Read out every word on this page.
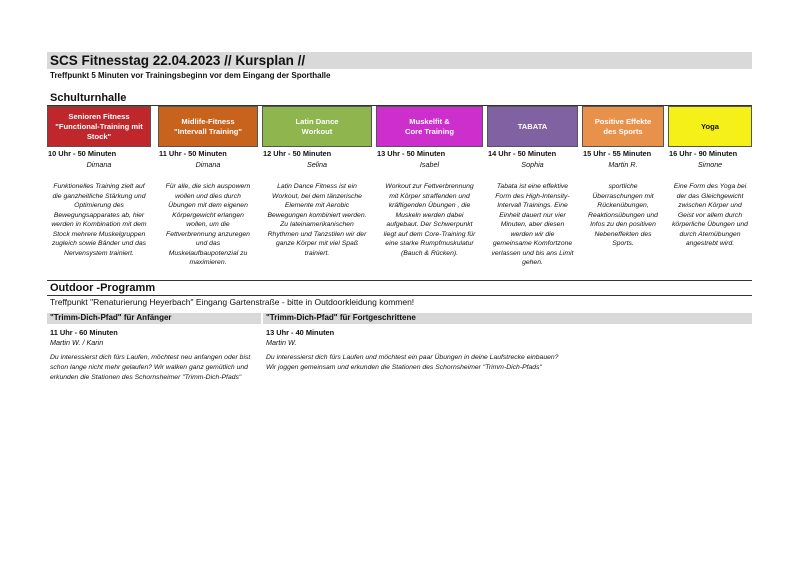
SCS Fitnesstag 22.04.2023 // Kursplan //
Treffpunkt 5 Minuten vor Trainingsbeginn vor dem Eingang der Sporthalle
Schulturnhalle
Senioren Fitness
"Functional-Training mit Stock"
10 Uhr - 50 Minuten
Dimana
Funktionelles Training zielt auf die ganzheitliche Stärkung und Optimierung des Bewegungsapparates ab, hier werden in Kombination mit dem Stock mehrere Muskelgruppen zugleich sowie Bänder und das Nervensystem trainiert.
Midlife-Fitness
"Intervall Training"
11 Uhr - 50 Minuten
Dimana
Für alle, die sich auspowern wollen und dies durch Übungen mit dem eigenen Körpergewicht erlangen wollen, um die Fettverbrennung anzuregen und das Muskelaufbaupotenzial zu maximieren.
Latin Dance
Workout
12 Uhr - 50 Minuten
Selina
Latin Dance Fitness ist ein Workout, bei dem tänzerische Elemente mit Aerobic Bewegungen kombiniert werden. Zu lateinamerikanischen Rhythmen und Tanzstilen wir der ganze Körper mit viel Spaß trainiert.
Muskelfit &
Core Training
13 Uhr - 50 Minuten
Isabel
Workout zur Fettverbrennung mit Körper straffenden und kräftigenden Übungen , die Muskeln werden dabei aufgebaut. Der Schwerpunkt liegt auf dem Core-Training für eine starke Rumpfmuskulatur (Bauch & Rücken).
TABATA
14 Uhr - 50 Minuten
Sophia
Tabata ist eine effektive Form des High-Intensity-Intervall Trainings. Eine Einheit dauert nur vier Minuten, aber diesen werden wir die gemeinsame Komfortzone verlassen und bis ans Limit gehen.
Positive Effekte
des Sports
15 Uhr - 55 Minuten
Martin R.
sportliche Überraschungen mit Rückenübungen, Reaktionsübungen und Infos zu den positiven Nebeneffekten des Sports.
Yoga
16 Uhr - 90 Minuten
Simone
Eine Form des Yoga bei der das Gleichgewicht zwischen Körper und Geist vor allem durch körperliche Übungen und durch Atemübungen angestrebt wird.
Outdoor -Programm
Treffpunkt "Renaturierung Heyerbach" Eingang Gartenstraße - bitte in Outdoorkleidung kommen!
"Trimm-Dich-Pfad" für Anfänger
11 Uhr - 60 Minuten
Martin W. / Karin
Du interessierst dich fürs Laufen, möchtest neu anfangen oder bist schon lange nicht mehr gelaufen? Wir walken ganz gemütlich und erkunden die Stationen des Schornsheimer "Trimm-Dich-Pfads"
"Trimm-Dich-Pfad" für Fortgeschrittene
13 Uhr - 40 Minuten
Martin W.
Du interessierst dich fürs Laufen und möchtest ein paar Übungen in deine Laufstrecke einbauen? Wir joggen gemeinsam und erkunden die Stationen des Schornsheimer "Trimm-Dich-Pfads"
